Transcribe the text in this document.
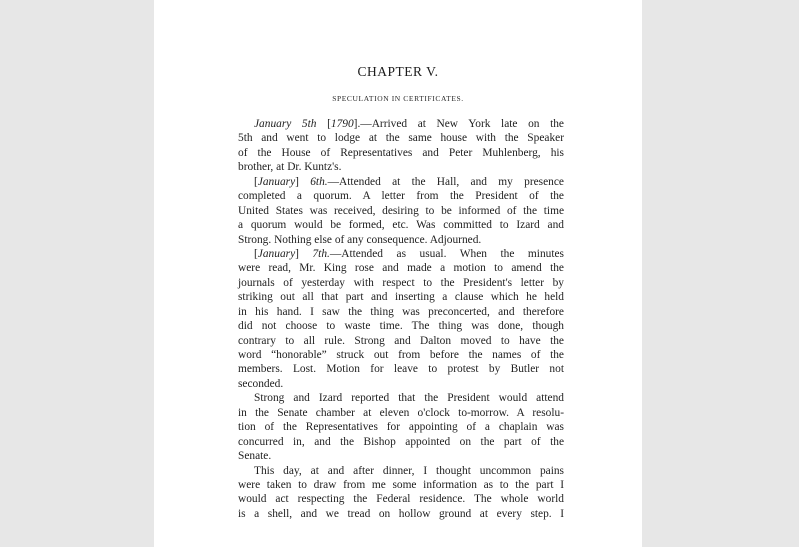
CHAPTER V.
SPECULATION IN CERTIFICATES.
January 5th [1790].—Arrived at New York late on the
5th and went to lodge at the same house with the Speaker
of the House of Representatives and Peter Muhlenberg, his
brother, at Dr. Kuntz's.
[January] 6th.—Attended at the Hall, and my presence
completed a quorum. A letter from the President of the
United States was received, desiring to be informed of the time
a quorum would be formed, etc. Was committed to Izard and
Strong. Nothing else of any consequence. Adjourned.
[January] 7th.—Attended as usual. When the minutes
were read, Mr. King rose and made a motion to amend the
journals of yesterday with respect to the President's letter by
striking out all that part and inserting a clause which he held
in his hand. I saw the thing was preconcerted, and therefore
did not choose to waste time. The thing was done, though
contrary to all rule. Strong and Dalton moved to have the
word “honorable” struck out from before the names of the
members. Lost. Motion for leave to protest by Butler not
seconded.
Strong and Izard reported that the President would attend
in the Senate chamber at eleven o'clock to-morrow. A resolu-
tion of the Representatives for appointing of a chaplain was
concurred in, and the Bishop appointed on the part of the
Senate.
This day, at and after dinner, I thought uncommon pains
were taken to draw from me some information as to the part I
would act respecting the Federal residence. The whole world
is a shell, and we tread on hollow ground at every step. I
